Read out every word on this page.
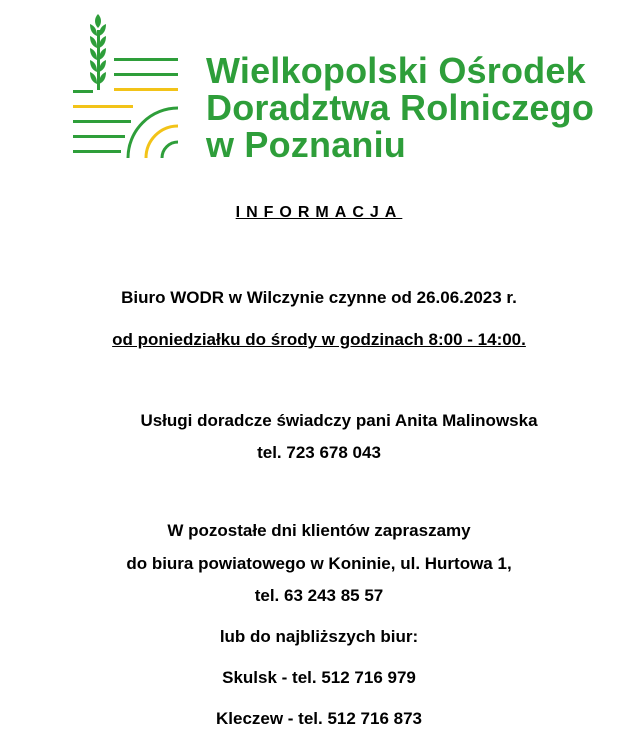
Wielkopolski Ośrodek
Doradztwa Rolniczego
w Poznaniu
INFORMACJA
Biuro WODR w Wilczynie czynne od 26.06.2023 r.
od poniedziałku do środy w godzinach 8:00 - 14:00.
Usługi doradcze świadczy pani Anita Malinowska
tel. 723 678 043
W pozostałe dni klientów zapraszamy
do biura powiatowego w Koninie, ul. Hurtowa 1,
tel. 63 243 85 57
lub do najbliższych biur:
Skulsk - tel. 512 716 979
Kleczew - tel. 512 716 873
